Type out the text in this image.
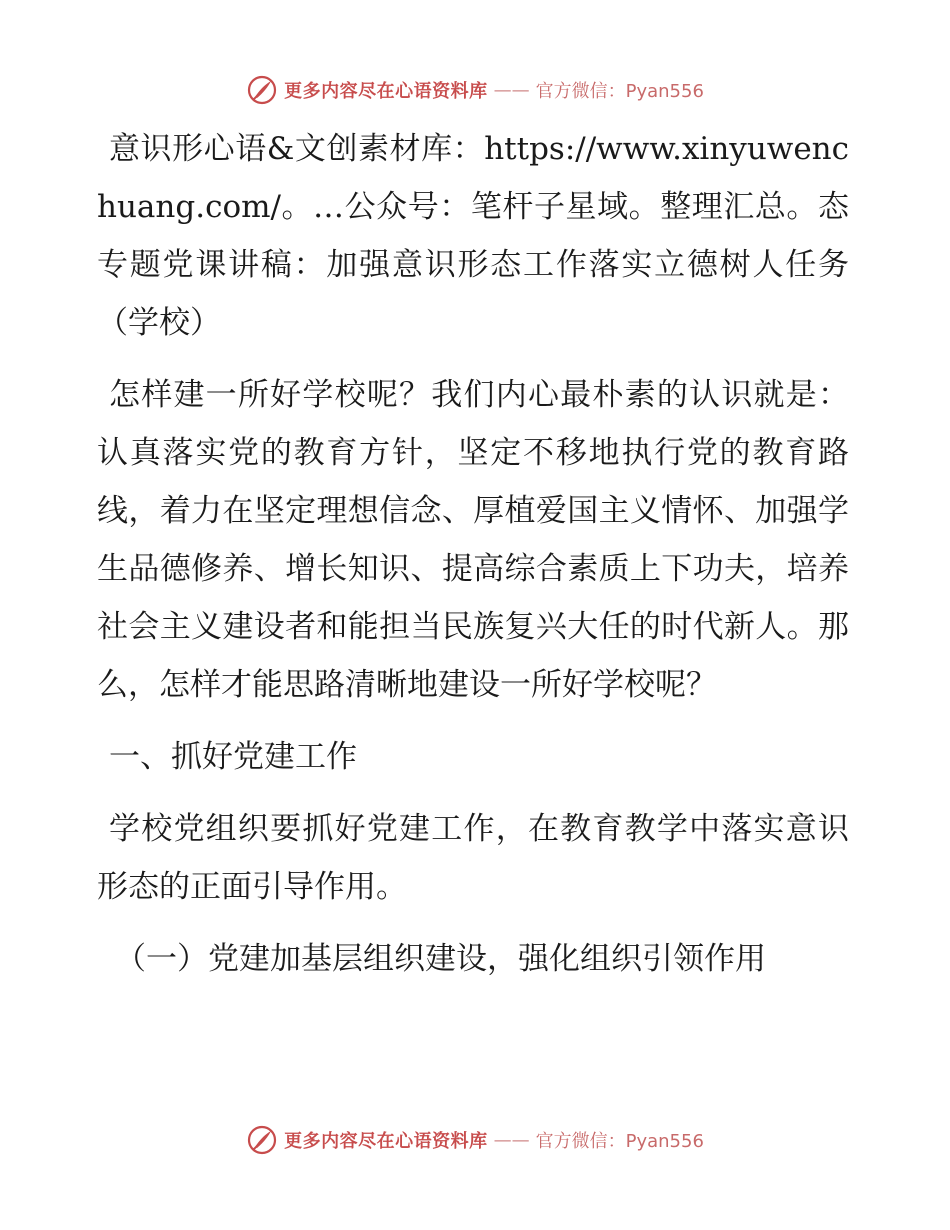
更多内容尽在心语资料库 —— 官方微信：Pyan556

意识形心语&文创素材库：https://www.xinyuwenchuang.com/。…公众号：笔杆子星域。整理汇总。态专题党课讲稿：加强意识形态工作落实立德树人任务（学校）

怎样建一所好学校呢？我们内心最朴素的认识就是：认真落实党的教育方针，坚定不移地执行党的教育路线，着力在坚定理想信念、厚植爱国主义情怀、加强学生品德修养、增长知识、提高综合素质上下功夫，培养社会主义建设者和能担当民族复兴大任的时代新人。那么，怎样才能思路清晰地建设一所好学校呢？

一、抓好党建工作

学校党组织要抓好党建工作，在教育教学中落实意识形态的正面引导作用。

（一）党建加基层组织建设，强化组织引领作用

更多内容尽在心语资料库 —— 官方微信：Pyan556
